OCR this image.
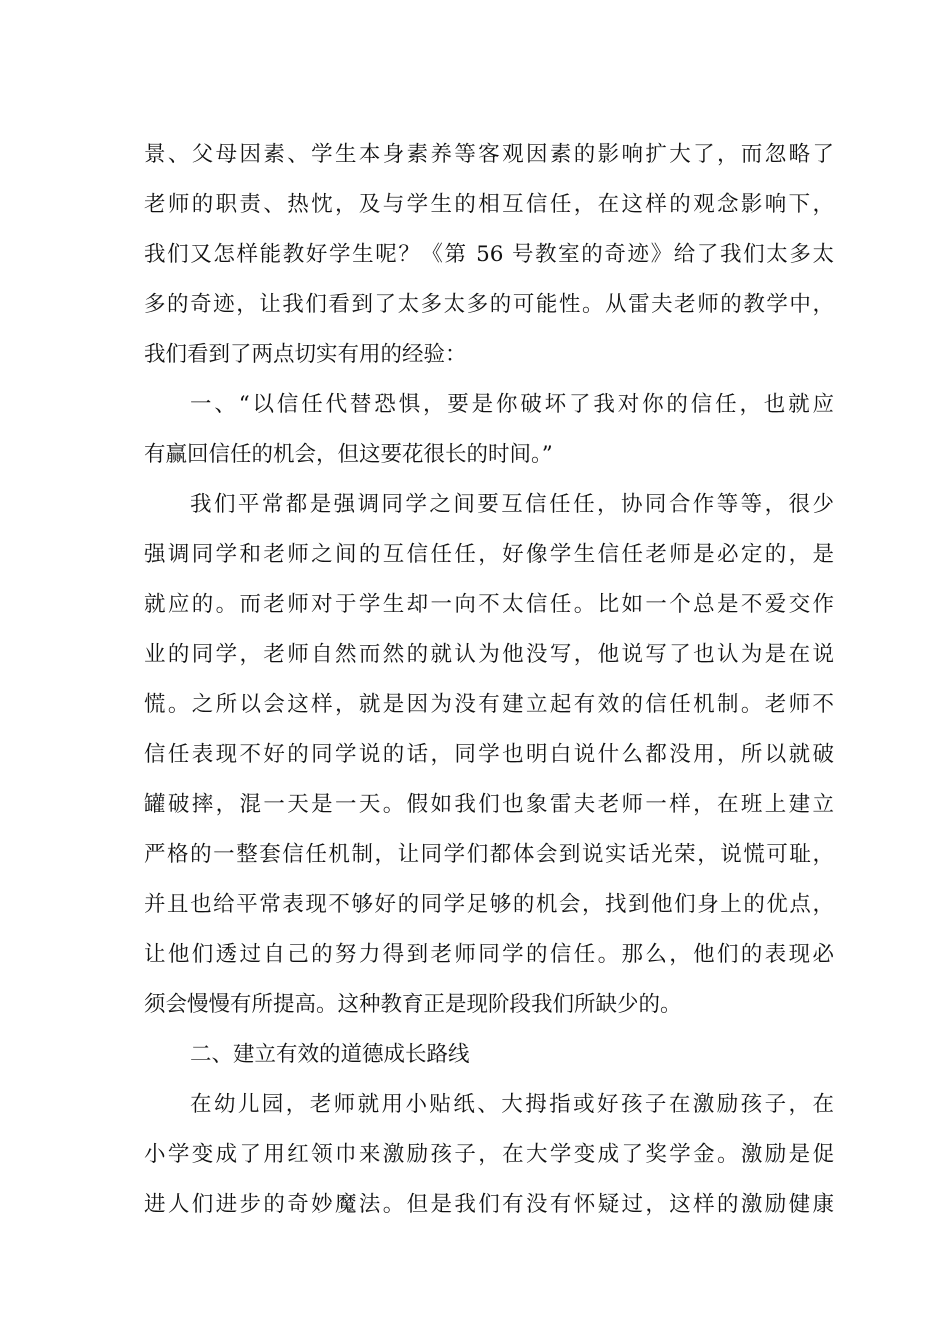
景、父母因素、学生本身素养等客观因素的影响扩大了，而忽略了
老师的职责、热忱，及与学生的相互信任，在这样的观念影响下，
我们又怎样能教好学生呢？《第 56 号教室的奇迹》给了我们太多太
多的奇迹，让我们看到了太多太多的可能性。从雷夫老师的教学中，
我们看到了两点切实有用的经验：
一、“以信任代替恐惧，要是你破坏了我对你的信任，也就应
有赢回信任的机会，但这要花很长的时间。”
我们平常都是强调同学之间要互信任任，协同合作等等，很少
强调同学和老师之间的互信任任，好像学生信任老师是必定的，是
就应的。而老师对于学生却一向不太信任。比如一个总是不爱交作
业的同学，老师自然而然的就认为他没写，他说写了也认为是在说
慌。之所以会这样，就是因为没有建立起有效的信任机制。老师不
信任表现不好的同学说的话，同学也明白说什么都没用，所以就破
罐破摔，混一天是一天。假如我们也象雷夫老师一样，在班上建立
严格的一整套信任机制，让同学们都体会到说实话光荣，说慌可耻，
并且也给平常表现不够好的同学足够的机会，找到他们身上的优点，
让他们透过自己的努力得到老师同学的信任。那么，他们的表现必
须会慢慢有所提高。这种教育正是现阶段我们所缺少的。
二、建立有效的道德成长路线
在幼儿园，老师就用小贴纸、大拇指或好孩子在激励孩子，在
小学变成了用红领巾来激励孩子，在大学变成了奖学金。激励是促
进人们进步的奇妙魔法。但是我们有没有怀疑过，这样的激励健康
